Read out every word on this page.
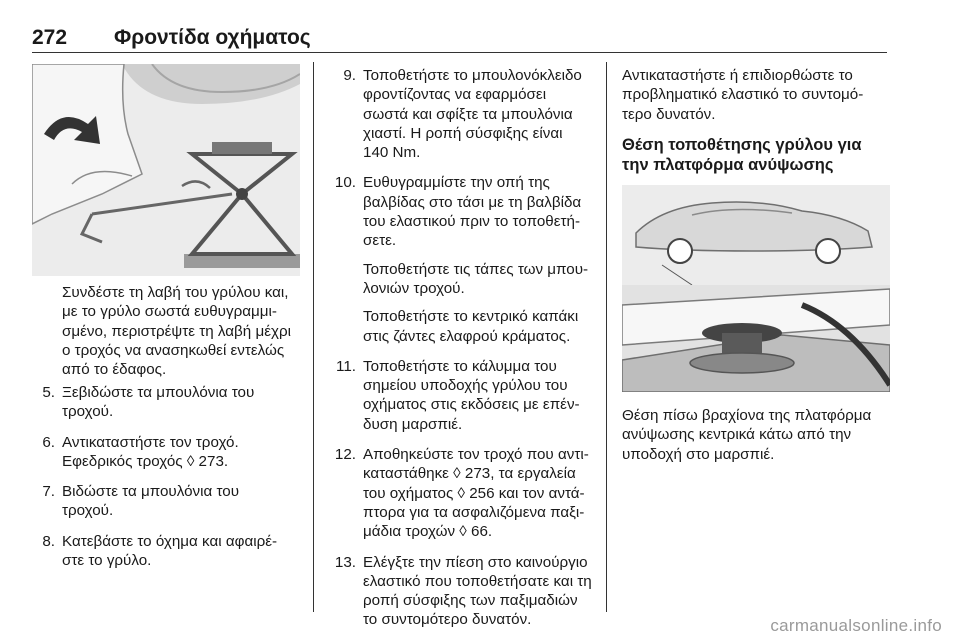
272 Φροντίδα οχήματος

Συνδέστε τη λαβή του γρύλου και,

με το γρύλο σωστά ευθυγραμμι-

σμένο, περιστρέψτε τη λαβή μέχρι

ο τροχός να ανασηκωθεί εντελώς

από το έδαφος.

5. Ξεβιδώστε τα μπουλόνια του

τροχού.

6. Αντικαταστήστε τον τροχό.

Εφεδρικός τροχός ◊ 273.

7. Βιδώστε τα μπουλόνια του

τροχού.

8. Κατεβάστε το όχημα και αφαιρέ-

στε το γρύλο.

9. Τοποθετήστε το μπουλονόκλειδο

φροντίζοντας να εφαρμόσει

σωστά και σφίξτε τα μπουλόνια

χιαστί. Η ροπή σύσφιξης είναι

140 Nm.

10. Ευθυγραμμίστε την οπή της

βαλβίδας στο τάσι με τη βαλβίδα

του ελαστικού πριν το τοποθετή-

σετε.

Τοποθετήστε τις τάπες των μπου-

λονιών τροχού.

Τοποθετήστε το κεντρικό καπάκι

στις ζάντες ελαφρού κράματος.

11. Τοποθετήστε το κάλυμμα του

σημείου υποδοχής γρύλου του

οχήματος στις εκδόσεις με επέν-

δυση μαρσπιέ.

12. Αποθηκεύστε τον τροχό που αντι-

καταστάθηκε ◊ 273, τα εργαλεία

του οχήματος ◊ 256 και τον αντά-

πτορα για τα ασφαλιζόμενα παξι-

μάδια τροχών ◊ 66.

13. Ελέγξτε την πίεση στο καινούργιο

ελαστικό που τοποθετήσατε και τη

ροπή σύσφιξης των παξιμαδιών

το συντομότερο δυνατόν.

Αντικαταστήστε ή επιδιορθώστε το

προβληματικό ελαστικό το συντομό-

τερο δυνατόν.

Θέση τοποθέτησης γρύλου για
την πλατφόρμα ανύψωσης

Θέση πίσω βραχίονα της πλατφόρμα

ανύψωσης κεντρικά κάτω από την

υποδοχή στο μαρσπιέ.

carmanualsonline.info
